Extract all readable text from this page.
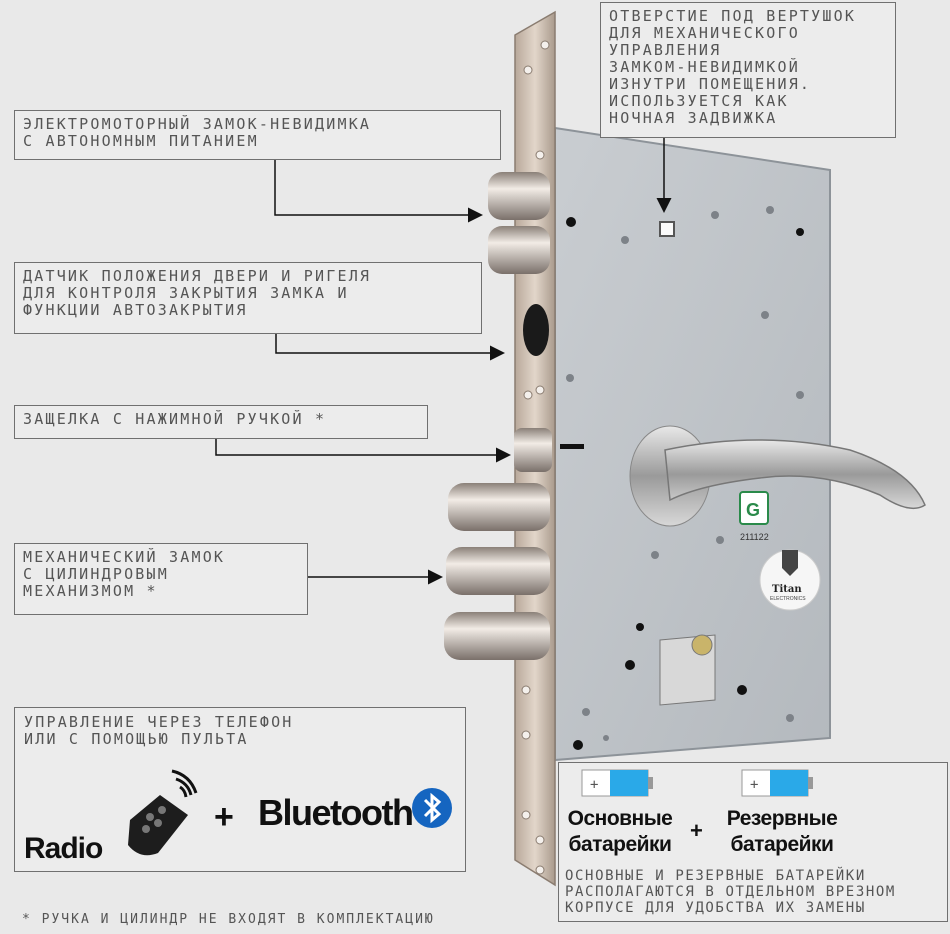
G
211122
Titan
ELECTRONICS
ЭЛЕКТРОМОТОРНЫЙ ЗАМОК-НЕВИДИМКА
С АВТОНОМНЫМ ПИТАНИЕМ
ДАТЧИК ПОЛОЖЕНИЯ ДВЕРИ И РИГЕЛЯ
ДЛЯ КОНТРОЛЯ ЗАКРЫТИЯ ЗАМКА И
ФУНКЦИИ АВТОЗАКРЫТИЯ
ЗАЩЕЛКА С НАЖИМНОЙ РУЧКОЙ *
МЕХАНИЧЕСКИЙ ЗАМОК
С ЦИЛИНДРОВЫМ
МЕХАНИЗМОМ *
ОТВЕРСТИЕ ПОД ВЕРТУШОК
ДЛЯ МЕХАНИЧЕСКОГО
УПРАВЛЕНИЯ
ЗАМКОМ-НЕВИДИМКОЙ
ИЗНУТРИ ПОМЕЩЕНИЯ.
ИСПОЛЬЗУЕТСЯ КАК
НОЧНАЯ ЗАДВИЖКА

УПРАВЛЕНИЕ ЧЕРЕЗ ТЕЛЕФОН
ИЛИ С ПОМОЩЬЮ ПУЛЬТА

Radio
+ Bluetooth

ОСНОВНЫЕ И РЕЗЕРВНЫЕ БАТАРЕЙКИ
РАСПОЛАГАЮТСЯ В ОТДЕЛЬНОМ ВРЕЗНОМ
КОРПУСЕ ДЛЯ УДОБСТВА ИХ ЗАМЕНЫ

+	+
Основные
батарейки
+	Резервные
батарейки
* РУЧКА И ЦИЛИНДР НЕ ВХОДЯТ В КОМПЛЕКТАЦИЮ
